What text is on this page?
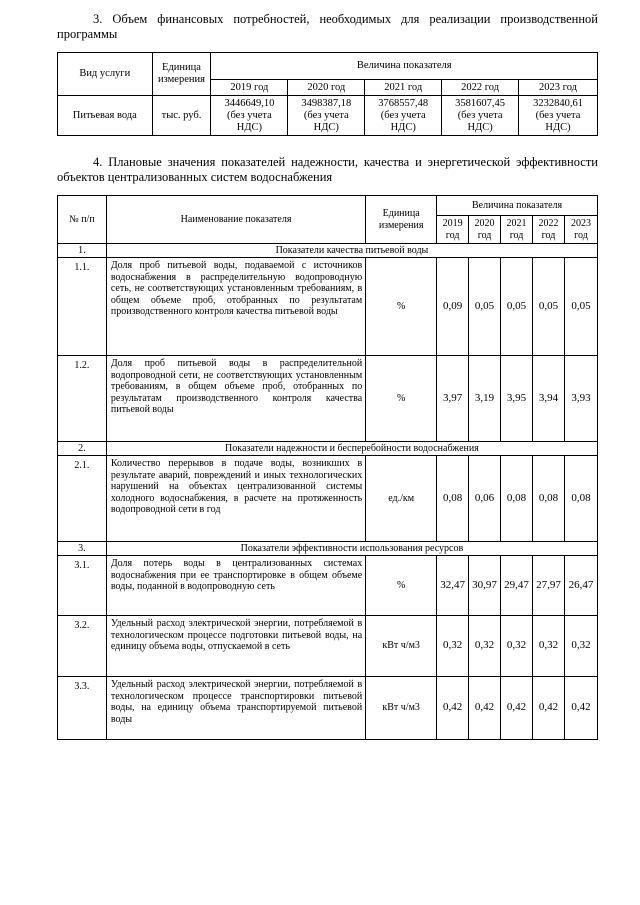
3. Объем финансовых потребностей, необходимых для реализации производственной
программы
Вид услуги	Единица измерения	Величина показателя				
		2019 год	2020 год	2021 год	2022 год	2023 год
Питьевая вода	тыс. руб.	3446649,10 (без учета НДС)	3498387,18 (без учета НДС)	3768557,48 (без учета НДС)	3581607,45 (без учета НДС)	3232840,61 (без учета НДС)
4. Плановые значения показателей надежности, качества и энергетической эффективности
объектов централизованных систем водоснабжения
№ п/п	Наименование показателя	Единица измерения	Величина показателя				
			2019 год	2020 год	2021 год	2022 год	2023 год
1.	Показатели качества питьевой воды						
1.1.	Доля проб питьевой воды, подаваемой с источников водоснабжения в распределительную водопроводную сеть, не соответствующих установленным требованиям, в общем объеме проб, отобранных по результатам производственного контроля качества питьевой воды	%	0,09	0,05	0,05	0,05	0,05
1.2.	Доля проб питьевой воды в распределительной водопроводной сети, не соответствующих установленным требованиям, в общем объеме проб, отобранных по результатам производственного контроля качества питьевой воды	%	3,97	3,19	3,95	3,94	3,93
2.	Показатели надежности и бесперебойности водоснабжения						
2.1.	Количество перерывов в подаче воды, возникших в результате аварий, повреждений и иных технологических нарушений на объектах централизованной системы холодного водоснабжения, в расчете на протяженность водопроводной сети в год	ед./км	0,08	0,06	0,08	0,08	0,08
3.	Показатели эффективности использования ресурсов						
3.1.	Доля потерь воды в централизованных системах водоснабжения при ее транспортировке в общем объеме воды, поданной в водопроводную сеть	%	32,47	30,97	29,47	27,97	26,47
3.2.	Удельный расход электрической энергии, потребляемой в технологическом процессе подготовки питьевой воды, на единицу объема воды, отпускаемой в сеть	кВт ч/м3	0,32	0,32	0,32	0,32	0,32
3.3.	Удельный расход электрической энергии, потребляемой в технологическом процессе транспортировки питьевой воды, на единицу объема транспортируемой питьевой воды	кВт ч/м3	0,42	0,42	0,42	0,42	0,42
